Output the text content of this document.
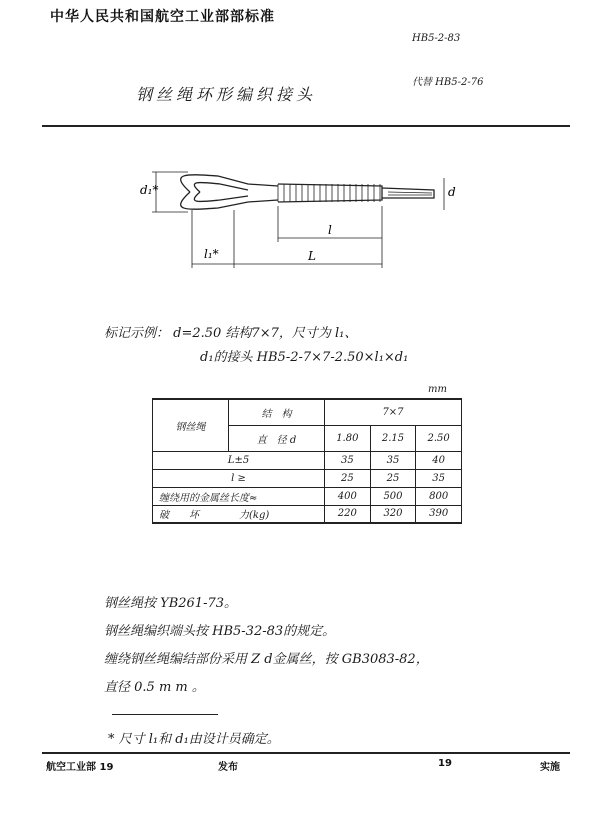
中华人民共和国航空工业部部标准
HB5-2-83
代替 HB5-2-76
钢丝绳环形编织接头
d₁*	d
l
l₁*	L
标记示例： d=2.50 结构7×7，尺寸为 l₁、
d₁的接头 HB5-2-7×7-2.50×l₁×d₁
mm
钢丝绳	结　构	7×7		
	直　径 d	1.80	2.15	2.50
L±5		35	35	40
l ≥		25	25	35
缠绕用的金属丝长度≈		400	500	800
破　　坏　　　　力(kg)		220	320	390
钢丝绳按 YB261-73。
钢丝绳编织端头按 HB5-32-83的规定。
缠绕钢丝绳编结部份采用 Z d金属丝，按 GB3083-82，
直径 0.5 m m 。
* 尺寸 l₁和 d₁由设计员确定。
航空工业部 19	发布	19	实施
